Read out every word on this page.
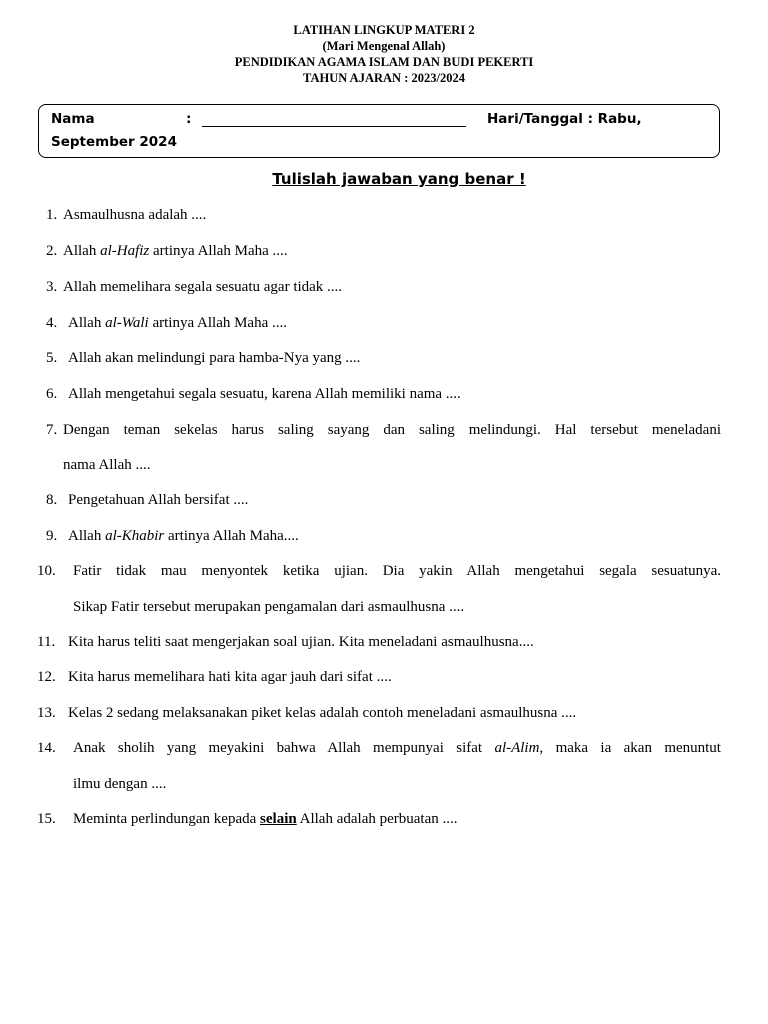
LATIHAN LINGKUP MATERI 2
(Mari Mengenal Allah)
PENDIDIKAN AGAMA ISLAM DAN BUDI PEKERTI
TAHUN AJARAN : 2023/2024
Nama	:	Hari/Tanggal : Rabu,
September 2024
Tulislah jawaban yang benar !
1. Asmaulhusna adalah ....
2. Allah al-Hafiz artinya Allah Maha ....
3. Allah memelihara segala sesuatu agar tidak ....
4. Allah al-Wali artinya Allah Maha ....
5. Allah akan melindungi para hamba-Nya yang ....
6. Allah mengetahui segala sesuatu, karena Allah memiliki nama ....
7. Dengan teman sekelas harus saling sayang dan saling melindungi. Hal tersebut meneladani
nama Allah ....
8. Pengetahuan Allah bersifat ....
9. Allah al-Khabir artinya Allah Maha....
10. Fatir tidak mau menyontek ketika ujian. Dia yakin Allah mengetahui segala sesuatunya.
Sikap Fatir tersebut merupakan pengamalan dari asmaulhusna ....
11. Kita harus teliti saat mengerjakan soal ujian. Kita meneladani asmaulhusna....
12. Kita harus memelihara hati kita agar jauh dari sifat ....
13. Kelas 2 sedang melaksanakan piket kelas adalah contoh meneladani asmaulhusna ....
14. Anak sholih yang meyakini bahwa Allah mempunyai sifat al-Alim, maka ia akan menuntut
ilmu dengan ....
15. Meminta perlindungan kepada selain Allah adalah perbuatan ....
